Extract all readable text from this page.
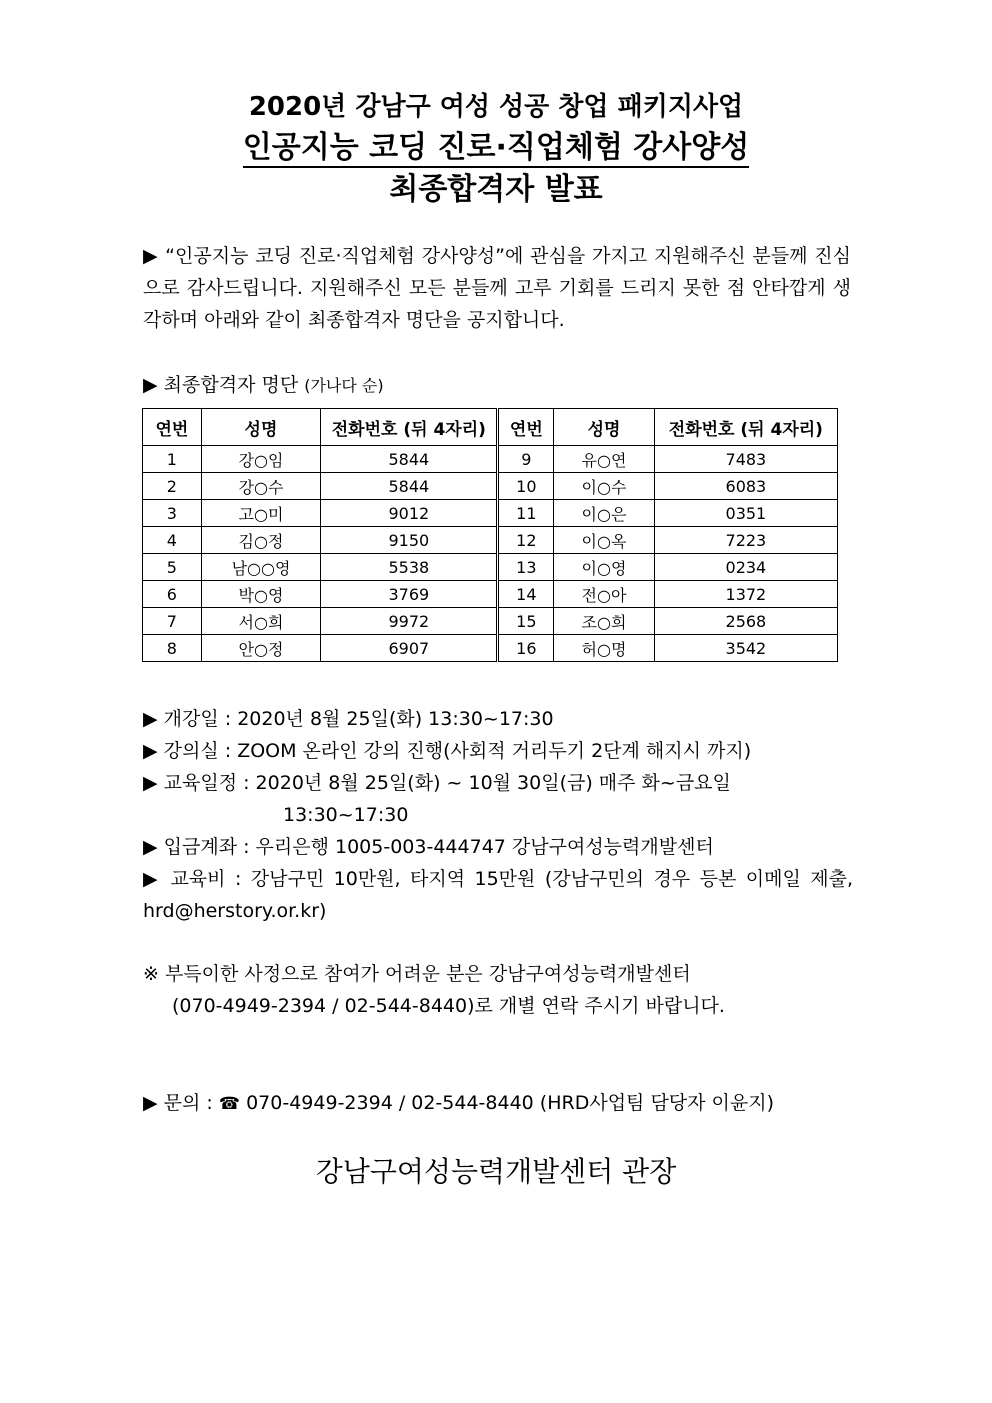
2020년 강남구 여성 성공 창업 패키지사업
인공지능 코딩 진로·직업체험 강사양성
최종합격자 발표
▶ “인공지능 코딩 진로·직업체험 강사양성”에 관심을 가지고 지원해주신 분들께 진심으로 감사드립니다. 지원해주신 모든 분들께 고루 기회를 드리지 못한 점 안타깝게 생각하며 아래와 같이 최종합격자 명단을 공지합니다.
▶ 최종합격자 명단 (가나다 순)
연번	성명	전화번호 (뒤 4자리)	연번	성명	전화번호 (뒤 4자리)
1	강○임	5844	9	유○연	7483
2	강○수	5844	10	이○수	6083
3	고○미	9012	11	이○은	0351
4	김○정	9150	12	이○옥	7223
5	남○○영	5538	13	이○영	0234
6	박○영	3769	14	전○아	1372
7	서○희	9972	15	조○희	2568
8	안○정	6907	16	허○명	3542

▶ 개강일 : 2020년 8월 25일(화) 13:30~17:30

▶ 강의실 : ZOOM 온라인 강의 진행(사회적 거리두기 2단계 해지시 까지)

▶ 교육일정 : 2020년 8월 25일(화) ~ 10월 30일(금) 매주 화~금요일

13:30~17:30

▶ 입금계좌 : 우리은행 1005-003-444747 강남구여성능력개발센터

▶ 교육비 : 강남구민 10만원, 타지역 15만원 (강남구민의 경우 등본 이메일 제출, hrd@herstory.or.kr)

※ 부득이한 사정으로 참여가 어려운 분은 강남구여성능력개발센터

(070-4949-2394 / 02-544-8440)로 개별 연락 주시기 바랍니다.

▶ 문의 : ☎ 070-4949-2394 / 02-544-8440 (HRD사업팀 담당자 이윤지)
강남구여성능력개발센터 관장
